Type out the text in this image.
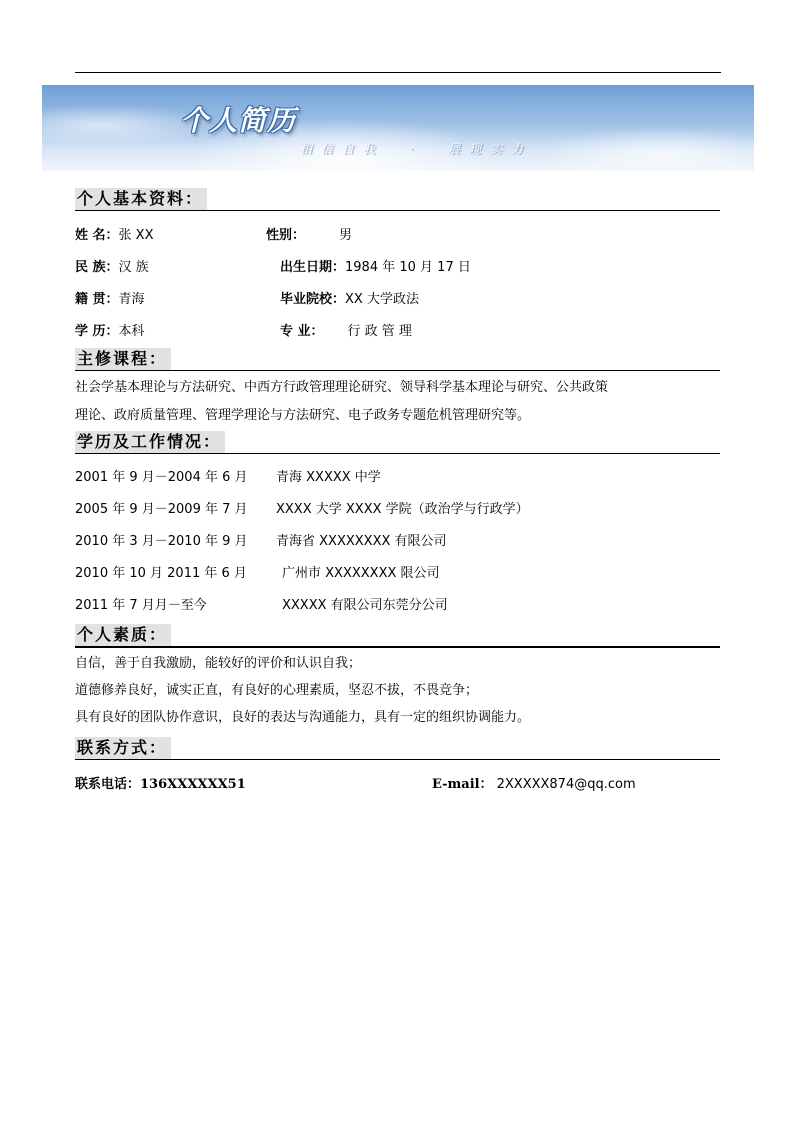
个人简历
相信自我  ·  展现实力
个人基本资料：
姓 名：张 XX	性别：	男
民 族：汉 族	出生日期：1984 年 10 月 17 日
籍 贯：青海	毕业院校：XX 大学政法
学 历：本科	专 业： 行 政 管 理
主修课程：
社会学基本理论与方法研究、中西方行政管理理论研究、领导科学基本理论与研究、公共政策
理论、政府质量管理、管理学理论与方法研究、电子政务专题危机管理研究等。
学历及工作情况：
2001 年 9 月－2004 年 6 月 青海 XXXXX 中学
2005 年 9 月－2009 年 7 月 XXXX 大学 XXXX 学院（政治学与行政学）
2010 年 3 月－2010 年 9 月 青海省 XXXXXXXX 有限公司
2010 年 10 月 2011 年 6 月	广州市 XXXXXXXX 限公司
2011 年 7 月月－至今	XXXXX 有限公司东莞分公司
个人素质：
自信，善于自我激励，能较好的评价和认识自我；
道德修养良好，诚实正直，有良好的心理素质，坚忍不拔，不畏竞争；
具有良好的团队协作意识，良好的表达与沟通能力，具有一定的组织协调能力。
联系方式：
联系电话：136XXXXXX51	E-mail： 2XXXXX874@qq.com
